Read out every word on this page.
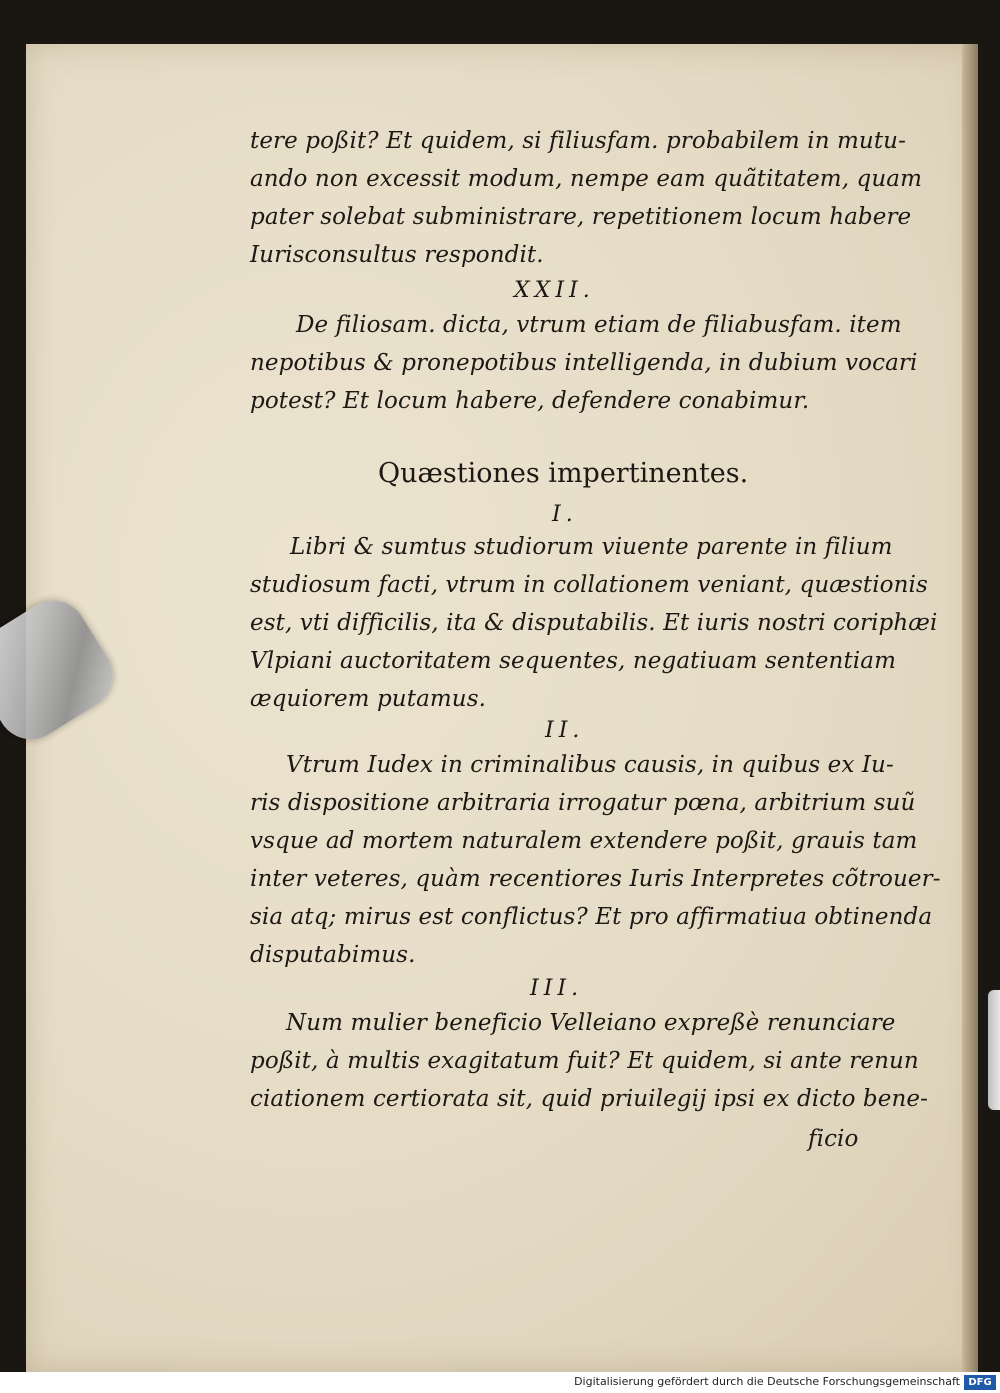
tere poßit? Et quidem, si filiusfam. probabilem in mutu-
ando non excessit modum, nempe eam quãtitatem, quam
pater solebat subministrare, repetitionem locum habere
Iurisconsultus respondit.
XXII.
De filiosam. dicta, vtrum etiam de filiabusfam. item
nepotibus & pronepotibus intelligenda, in dubium vocari
potest? Et locum habere, defendere conabimur.
Quæstiones impertinentes.
I.
Libri & sumtus studiorum viuente parente in filium
studiosum facti, vtrum in collationem veniant, quæstionis
est, vti difficilis, ita & disputabilis. Et iuris nostri coriphæi
Vlpiani auctoritatem sequentes, negatiuam sententiam
æquiorem putamus.
II.
Vtrum Iudex in criminalibus causis, in quibus ex Iu-
ris dispositione arbitraria irrogatur pœna, arbitrium suũ
vsque ad mortem naturalem extendere poßit, grauis tam
inter veteres, quàm recentiores Iuris Interpretes cõtrouer-
sia atq; mirus est conflictus? Et pro affirmatiua obtinenda
disputabimus.
III.
Num mulier beneficio Velleiano expreßè renunciare
poßit, à multis exagitatum fuit? Et quidem, si ante renun
ciationem certiorata sit, quid priuilegij ipsi ex dicto bene-
ficio
Digitalisierung gefördert durch die Deutsche Forschungsgemeinschaft DFG
